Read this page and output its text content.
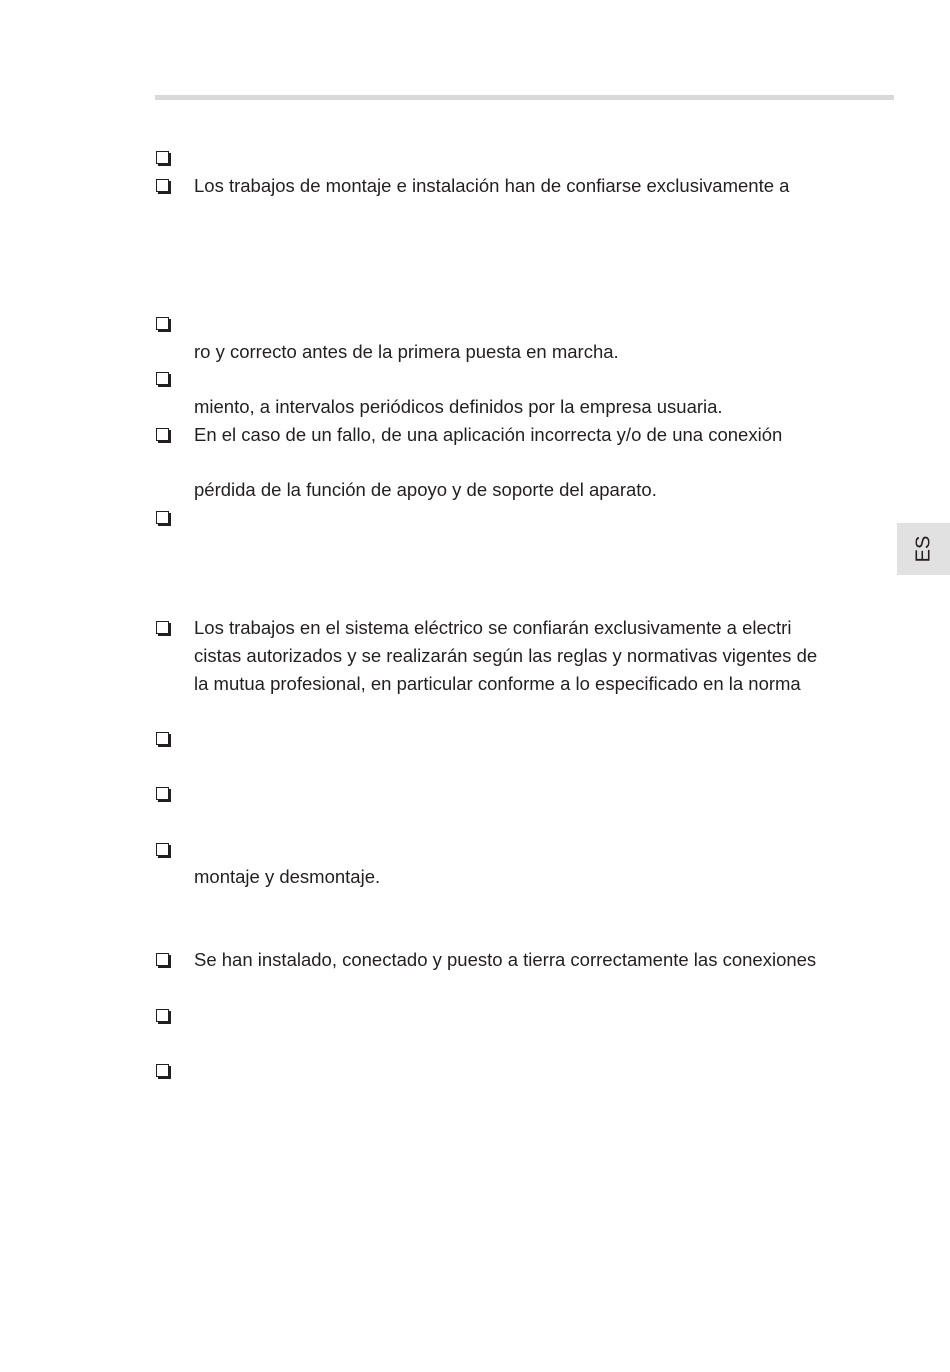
ES
Los trabajos de montaje e instalación han de confiarse exclusivamente a
ro y correcto antes de la primera puesta en marcha.
miento, a intervalos periódicos definidos por la empresa usuaria.
En el caso de un fallo, de una aplicación incorrecta y/o de una conexión
pérdida de la función de apoyo y de soporte del aparato.
Los trabajos en el sistema eléctrico se confiarán exclusivamente a electri
cistas autorizados y se realizarán según las reglas y normativas vigentes de
la mutua profesional, en particular conforme a lo especificado en la norma
montaje y desmontaje.
Se han instalado, conectado y puesto a tierra correctamente las conexiones
